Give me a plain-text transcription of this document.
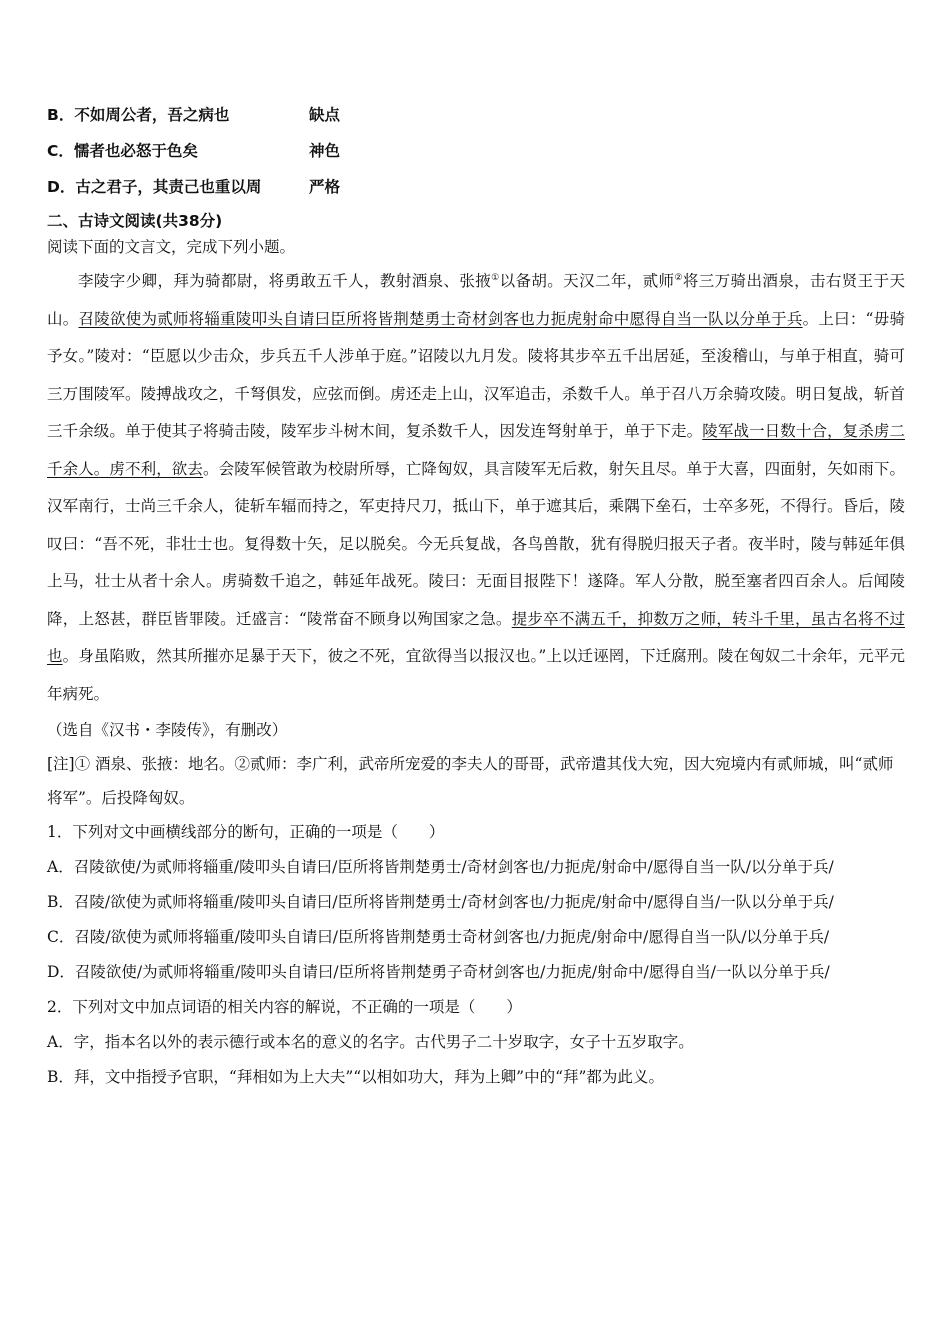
B．不如周公者，吾之病也	缺点
C．懦者也必怒于色矣	神色
D．古之君子，其责己也重以周	严格
二、古诗文阅读(共38分)
阅读下面的文言文，完成下列小题。

李陵字少卿，拜为骑都尉，将勇敢五千人，教射酒泉、张掖①以备胡。天汉二年，贰师②将三万骑出酒泉，击右贤王于天山。召陵欲使为贰师将辎重陵叩头自请曰臣所将皆荆楚勇士奇材剑客也力扼虎射命中愿得自当一队以分单于兵。上曰：“毋骑予女。”陵对：“臣愿以少击众，步兵五千人涉单于庭。”诏陵以九月发。陵将其步卒五千出居延，至浚稽山，与单于相直，骑可三万围陵军。陵搏战攻之，千弩俱发，应弦而倒。虏还走上山，汉军追击，杀数千人。单于召八万余骑攻陵。明日复战，斩首三千余级。单于使其子将骑击陵，陵军步斗树木间，复杀数千人，因发连弩射单于，单于下走。陵军战一日数十合，复杀虏二千余人。虏不利，欲去。会陵军候管敢为校尉所辱，亡降匈奴，具言陵军无后救，射矢且尽。单于大喜，四面射，矢如雨下。汉军南行，士尚三千余人，徒斩车辐而持之，军吏持尺刀，抵山下，单于遮其后，乘隅下垒石，士卒多死，不得行。昏后，陵叹曰：“吾不死，非壮士也。复得数十矢，足以脱矣。今无兵复战，各鸟兽散，犹有得脱归报天子者。夜半时，陵与韩延年俱上马，壮士从者十余人。虏骑数千追之，韩延年战死。陵曰：无面目报陛下！遂降。军人分散，脱至塞者四百余人。后闻陵降，上怒甚，群臣皆罪陵。迁盛言：“陵常奋不顾身以殉国家之急。提步卒不满五千，抑数万之师，转斗千里，虽古名将不过也。身虽陷败，然其所摧亦足暴于天下，彼之不死，宜欲得当以报汉也。”上以迁诬罔，下迁腐刑。陵在匈奴二十余年，元平元年病死。

（选自《汉书・李陵传》，有删改）

[注]① 酒泉、张掖：地名。②贰师：李广利，武帝所宠爱的李夫人的哥哥，武帝遣其伐大宛，因大宛境内有贰师城，叫“贰师将军”。后投降匈奴。

1．下列对文中画横线部分的断句，正确的一项是（　　）

A．召陵欲使/为贰师将辎重/陵叩头自请曰/臣所将皆荆楚勇士/奇材剑客也/力扼虎/射命中/愿得自当一队/以分单于兵/

B．召陵/欲使为贰师将辎重/陵叩头自请曰/臣所将皆荆楚勇士/奇材剑客也/力扼虎/射命中/愿得自当/一队以分单于兵/

C．召陵/欲使为贰师将辎重/陵叩头自请曰/臣所将皆荆楚勇士奇材剑客也/力扼虎/射命中/愿得自当一队/以分单于兵/

D．召陵欲使/为贰师将辎重/陵叩头自请曰/臣所将皆荆楚勇子奇材剑客也/力扼虎/射命中/愿得自当/一队以分单于兵/

2．下列对文中加点词语的相关内容的解说，不正确的一项是（　　）

A．字，指本名以外的表示德行或本名的意义的名字。古代男子二十岁取字，女子十五岁取字。

B．拜，文中指授予官职，“拜相如为上大夫”“以相如功大，拜为上卿”中的“拜”都为此义。
